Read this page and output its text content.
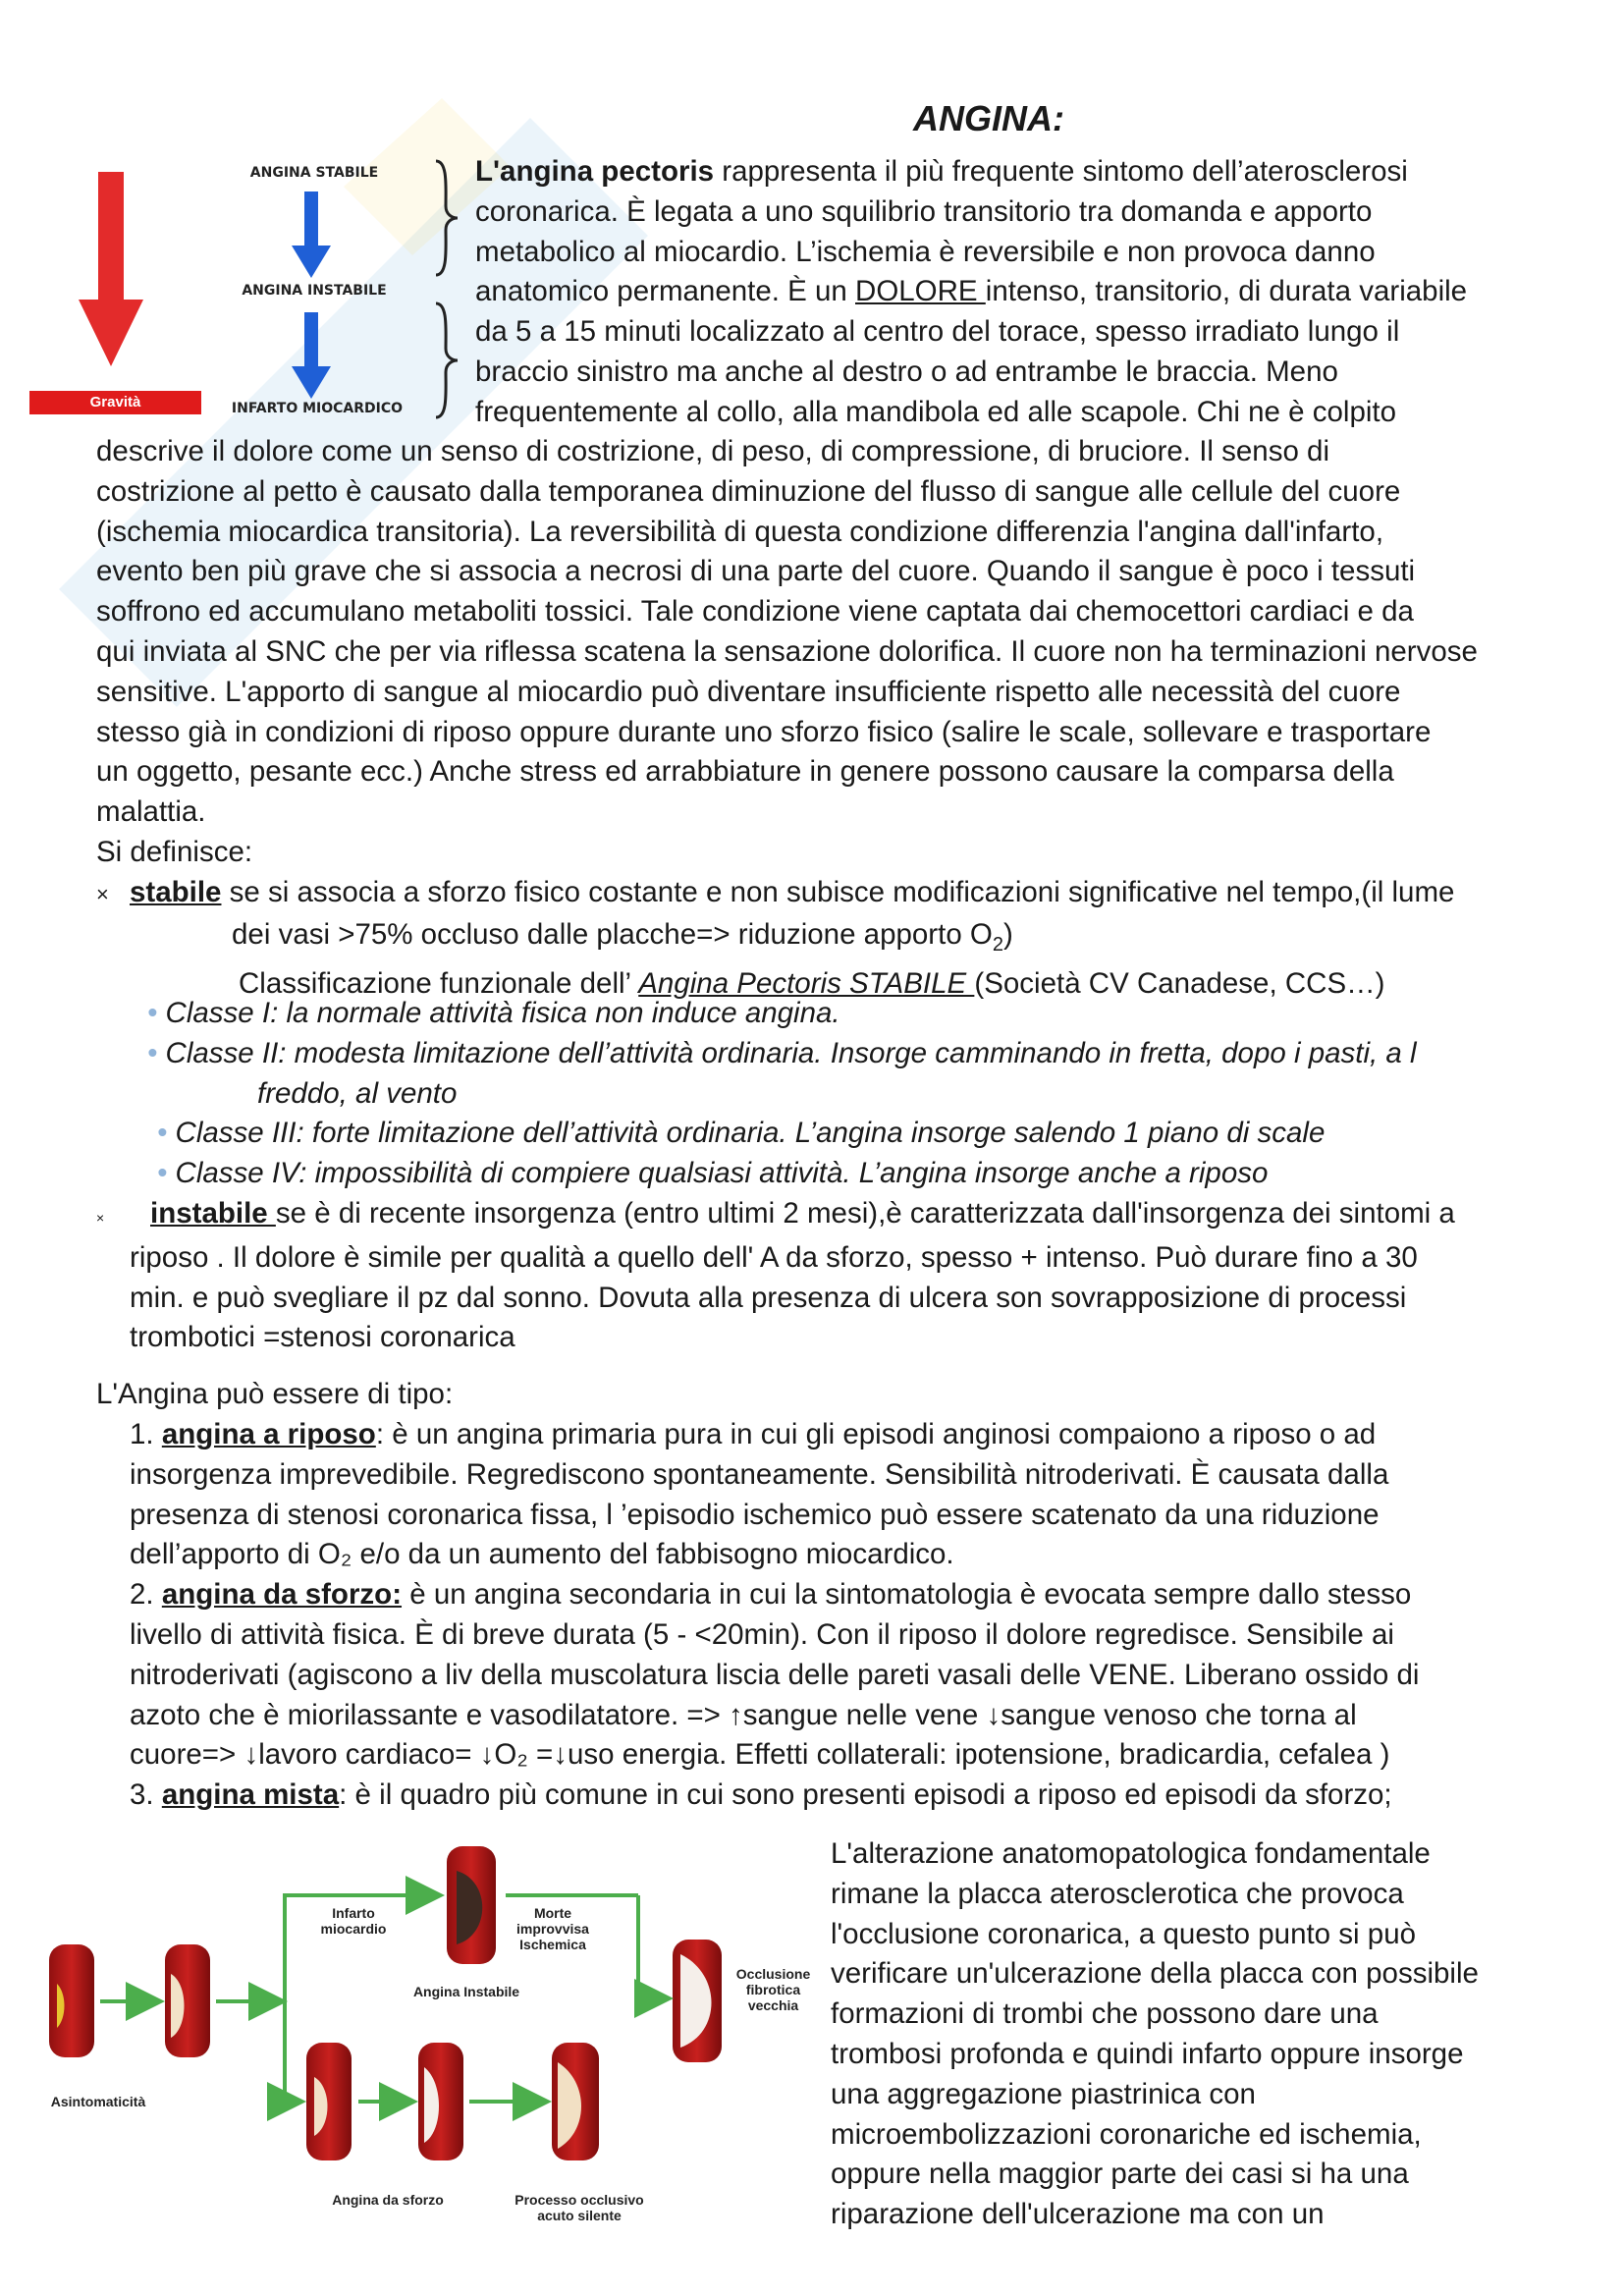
ANGINA:
Gravità
ANGINA STABILE
ANGINA INSTABILE
INFARTO MIOCARDICO
L'angina pectoris rappresenta il più frequente sintomo dell’aterosclerosi
coronarica. È legata a uno squilibrio transitorio tra domanda e apporto
metabolico al miocardio. L’ischemia è reversibile e non provoca danno
anatomico permanente. È un DOLORE intenso, transitorio, di durata variabile
da 5 a 15 minuti localizzato al centro del torace, spesso irradiato lungo il
braccio sinistro ma anche al destro o ad entrambe le braccia. Meno
frequentemente al collo, alla mandibola ed alle scapole. Chi ne è colpito
descrive il dolore come un senso di costrizione, di peso, di compressione, di bruciore. Il senso di
costrizione al petto è causato dalla temporanea diminuzione del flusso di sangue alle cellule del cuore
(ischemia miocardica transitoria). La reversibilità di questa condizione differenzia l'angina dall'infarto,
evento ben più grave che si associa a necrosi di una parte del cuore. Quando il sangue è poco i tessuti
soffrono ed accumulano metaboliti tossici. Tale condizione viene captata dai chemocettori cardiaci e da
qui inviata al SNC che per via riflessa scatena la sensazione dolorifica. Il cuore non ha terminazioni nervose
sensitive. L'apporto di sangue al miocardio può diventare insufficiente rispetto alle necessità del cuore
stesso già in condizioni di riposo oppure durante uno sforzo fisico (salire le scale, sollevare e trasportare
un oggetto, pesante ecc.) Anche stress ed arrabbiature in genere possono causare la comparsa della
malattia.
Si definisce:
× stabile se si associa a sforzo fisico costante e non subisce modificazioni significative nel tempo,(il lume
dei vasi >75% occluso dalle placche=> riduzione apporto $O_2$)
Classificazione funzionale dell’ Angina Pectoris STABILE (Società CV Canadese, CCS…)
• Classe I: la normale attività fisica non induce angina.
• Classe II: modesta limitazione dell’attività ordinaria. Insorge camminando in fretta, dopo i pasti, a l
freddo, al vento
• Classe III: forte limitazione dell’attività ordinaria. L’angina insorge salendo 1 piano di scale
• Classe IV: impossibilità di compiere qualsiasi attività. L’angina insorge anche a riposo
× instabile se è di recente insorgenza (entro ultimi 2 mesi),è caratterizzata dall'insorgenza dei sintomi a
riposo . Il dolore è simile per qualità a quello dell' A da sforzo, spesso + intenso. Può durare fino a 30
min. e può svegliare il pz dal sonno. Dovuta alla presenza di ulcera son sovrapposizione di processi
trombotici =stenosi coronarica
L'Angina può essere di tipo:
1. angina a riposo: è un angina primaria pura in cui gli episodi anginosi compaiono a riposo o ad
insorgenza imprevedibile. Regrediscono spontaneamente. Sensibilità nitroderivati. È causata dalla
presenza di stenosi coronarica fissa, l ’episodio ischemico può essere scatenato da una riduzione
dell’apporto di O₂ e/o da un aumento del fabbisogno miocardico.
2. angina da sforzo: è un angina secondaria in cui la sintomatologia è evocata sempre dallo stesso
livello di attività fisica. È di breve durata (5 - <20min). Con il riposo il dolore regredisce. Sensibile ai
nitroderivati (agiscono a liv della muscolatura liscia delle pareti vasali delle VENE. Liberano ossido di
azoto che è miorilassante e vasodilatatore. => ↑sangue nelle vene ↓sangue venoso che torna al
cuore=> ↓lavoro cardiaco= ↓O₂ =↓uso energia. Effetti collaterali: ipotensione, bradicardia, cefalea )
3. angina mista: è il quadro più comune in cui sono presenti episodi a riposo ed episodi da sforzo;
Asintomaticità
Infarto miocardio
Morte improvvisa Ischemica
Angina Instabile
Occlusione fibrotica vecchia
Angina da sforzo	Processo occlusivo acuto silente
L'alterazione anatomopatologica fondamentale
rimane la placca aterosclerotica che provoca
l'occlusione coronarica, a questo punto si può
verificare un'ulcerazione della placca con possibile
formazioni di trombi che possono dare una
trombosi profonda e quindi infarto oppure insorge
una aggregazione piastrinica con
microembolizzazioni coronariche ed ischemia,
oppure nella maggior parte dei casi si ha una
riparazione dell'ulcerazione ma con un
